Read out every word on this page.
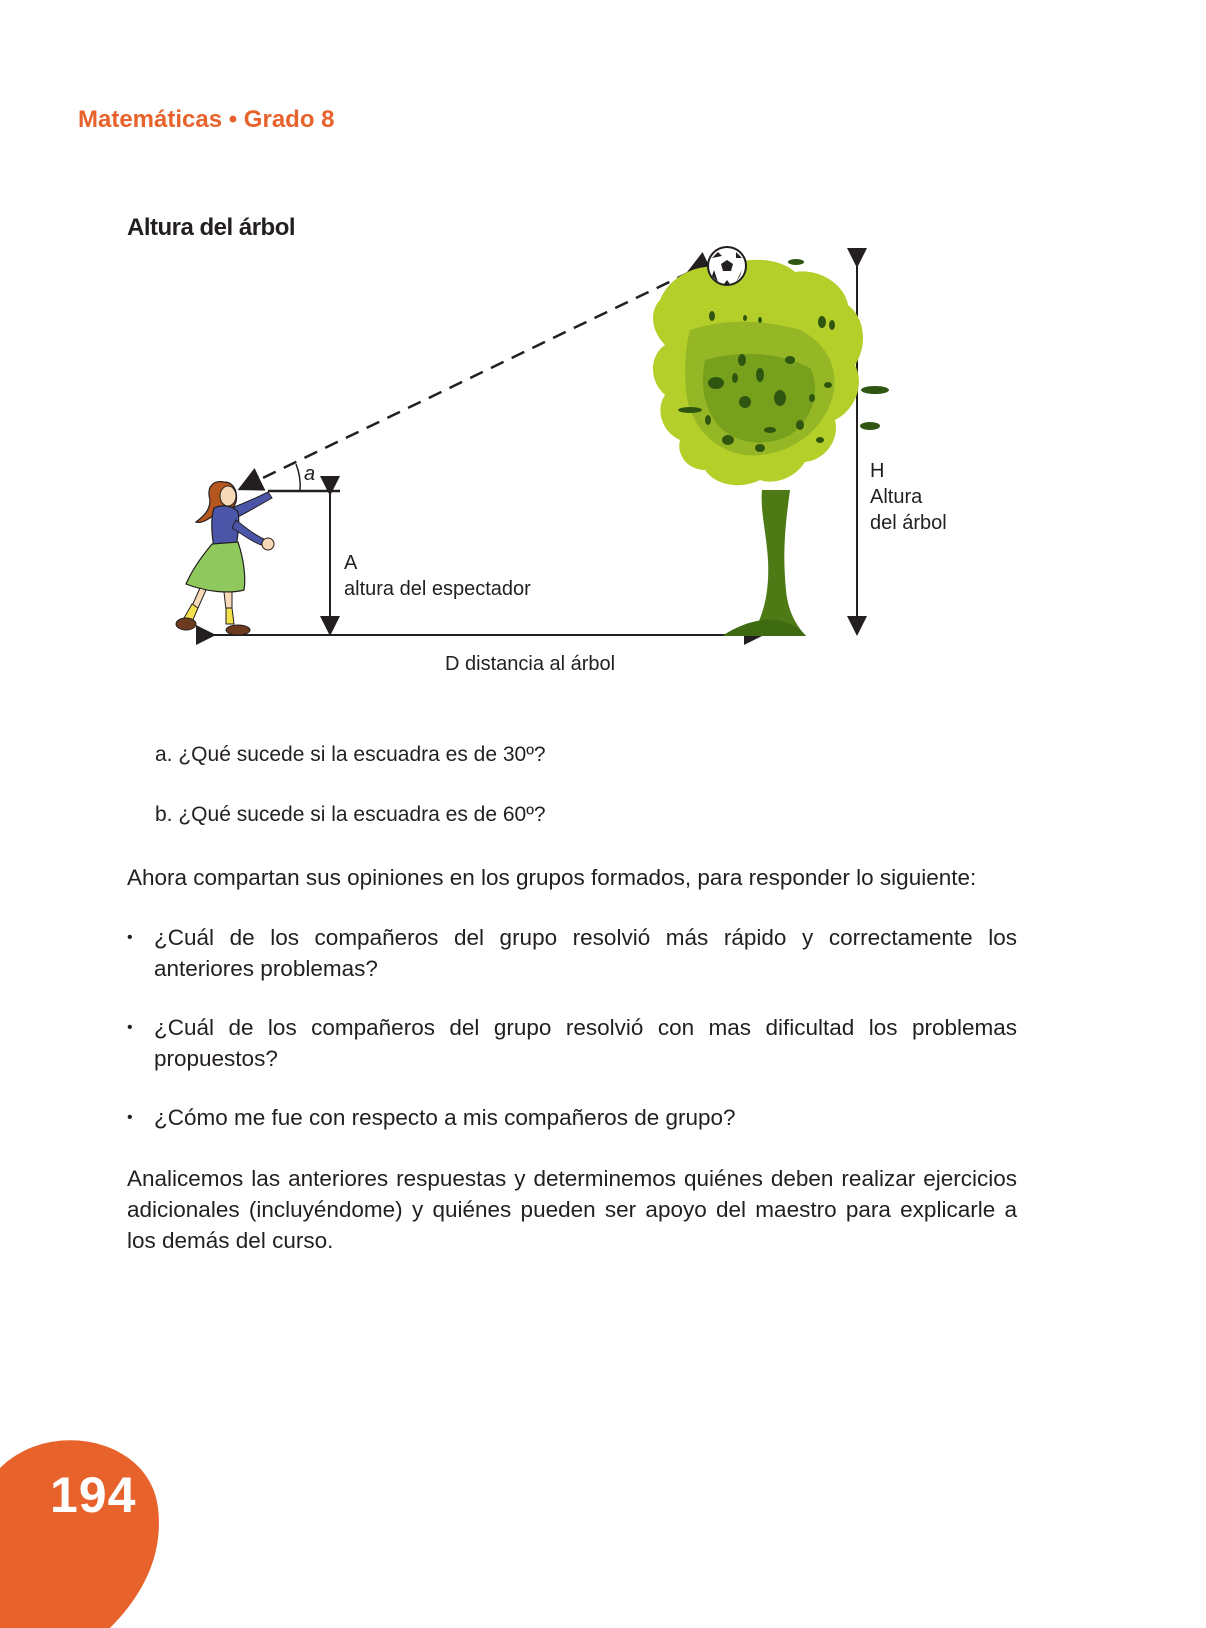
Matemáticas • Grado 8
Altura del árbol
a
A
altura del espectador
H
Altura
del árbol
D distancia al árbol
a. ¿Qué sucede si la escuadra es de 30º?
b. ¿Qué sucede si la escuadra es de 60º?
Ahora compartan sus opiniones en los grupos formados, para responder lo siguiente:
• ¿Cuál de los compañeros del grupo resolvió más rápido y correctamente los anteriores problemas?
• ¿Cuál de los compañeros del grupo resolvió con mas dificultad los problemas propuestos?
• ¿Cómo me fue con respecto a mis compañeros de grupo?
Analicemos las anteriores respuestas y determinemos quiénes deben realizar ejercicios adicionales (incluyéndome) y quiénes pueden ser apoyo del maestro para explicarle a los demás del curso.
194
